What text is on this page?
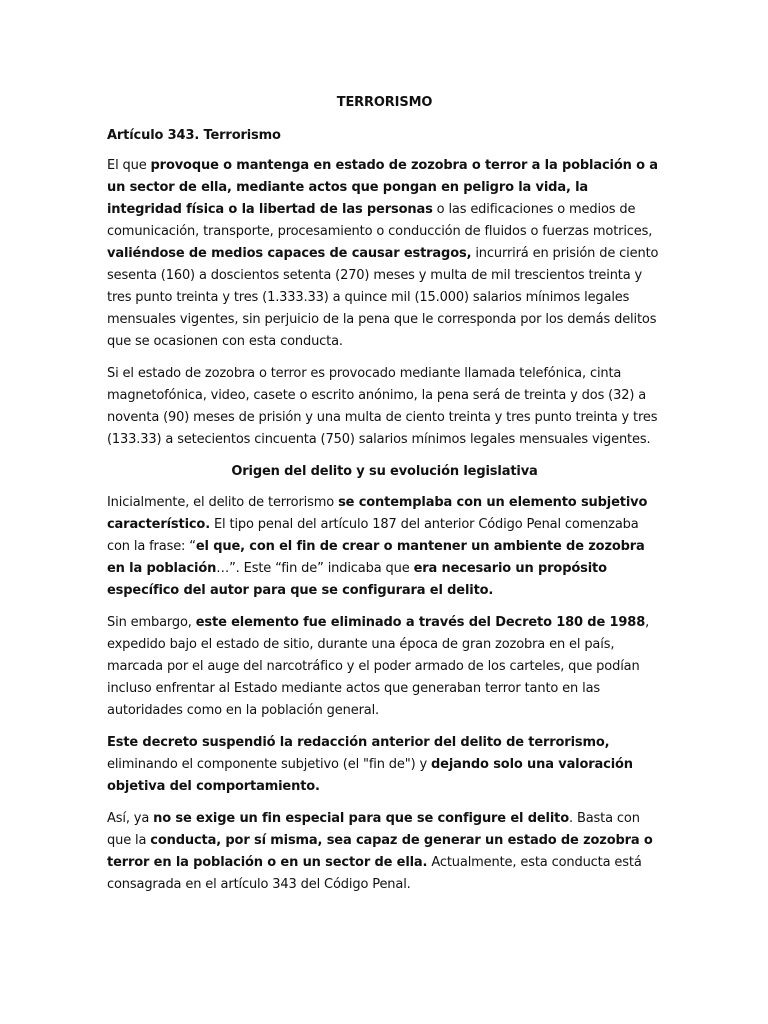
TERRORISMO
Artículo 343. Terrorismo

El que provoque o mantenga en estado de zozobra o terror a la población o a un sector de ella, mediante actos que pongan en peligro la vida, la integridad física o la libertad de las personas o las edificaciones o medios de comunicación, transporte, procesamiento o conducción de fluidos o fuerzas motrices, valiéndose de medios capaces de causar estragos, incurrirá en prisión de ciento sesenta (160) a doscientos setenta (270) meses y multa de mil trescientos treinta y tres punto treinta y tres (1.333.33) a quince mil (15.000) salarios mínimos legales mensuales vigentes, sin perjuicio de la pena que le corresponda por los demás delitos que se ocasionen con esta conducta.

Si el estado de zozobra o terror es provocado mediante llamada telefónica, cinta magnetofónica, video, casete o escrito anónimo, la pena será de treinta y dos (32) a noventa (90) meses de prisión y una multa de ciento treinta y tres punto treinta y tres (133.33) a setecientos cincuenta (750) salarios mínimos legales mensuales vigentes.

Origen del delito y su evolución legislativa

Inicialmente, el delito de terrorismo se contemplaba con un elemento subjetivo característico. El tipo penal del artículo 187 del anterior Código Penal comenzaba con la frase: “el que, con el fin de crear o mantener un ambiente de zozobra en la población…”. Este “fin de” indicaba que era necesario un propósito específico del autor para que se configurara el delito.

Sin embargo, este elemento fue eliminado a través del Decreto 180 de 1988, expedido bajo el estado de sitio, durante una época de gran zozobra en el país, marcada por el auge del narcotráfico y el poder armado de los carteles, que podían incluso enfrentar al Estado mediante actos que generaban terror tanto en las autoridades como en la población general.

Este decreto suspendió la redacción anterior del delito de terrorismo, eliminando el componente subjetivo (el "fin de") y dejando solo una valoración objetiva del comportamiento.

Así, ya no se exige un fin especial para que se configure el delito. Basta con que la conducta, por sí misma, sea capaz de generar un estado de zozobra o terror en la población o en un sector de ella. Actualmente, esta conducta está consagrada en el artículo 343 del Código Penal.
